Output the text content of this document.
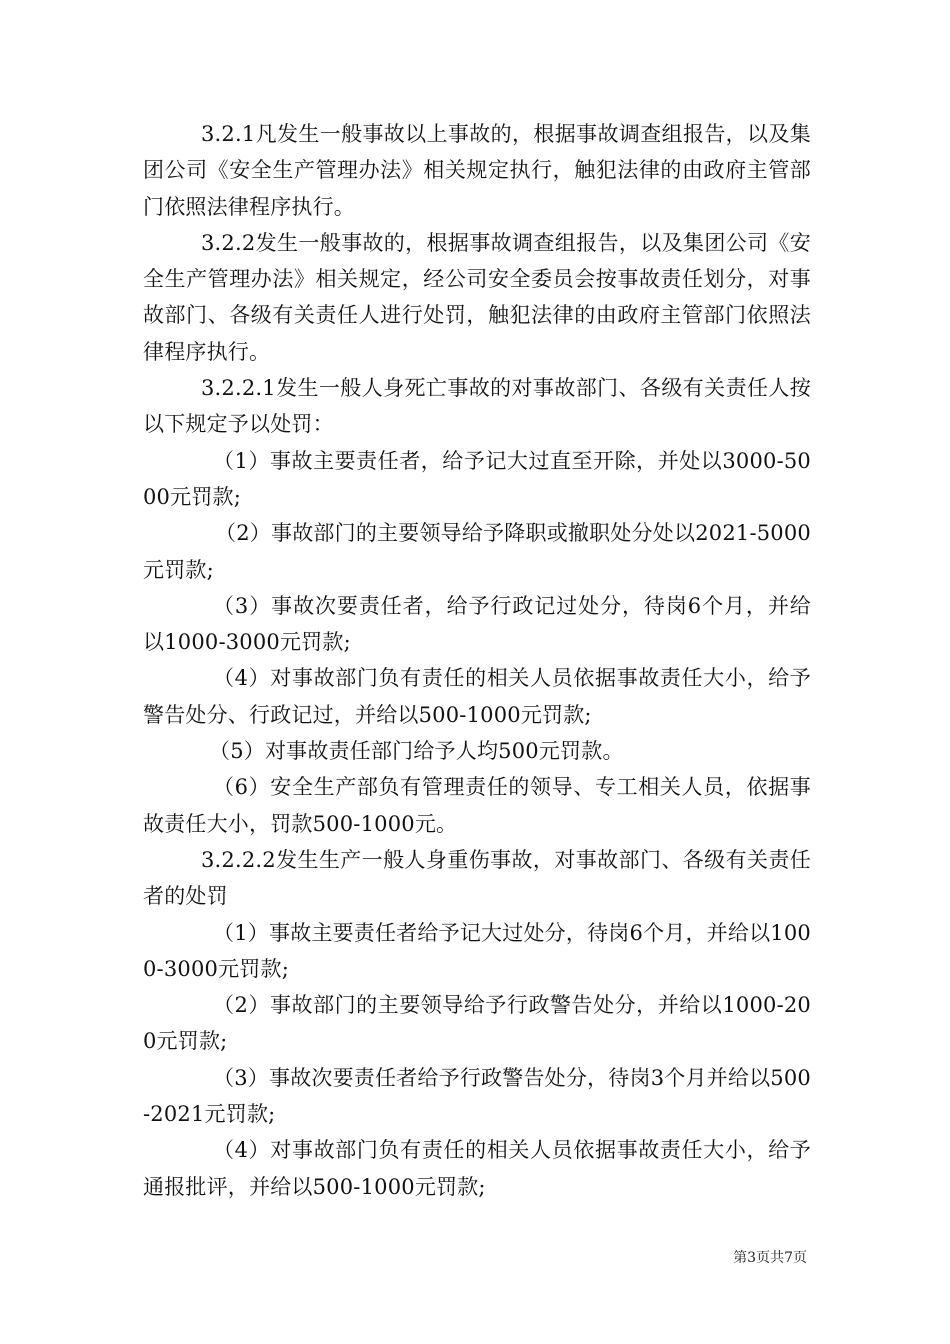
3.2.1凡发生一般事故以上事故的，根据事故调查组报告，以及集团公司《安全生产管理办法》相关规定执行，触犯法律的由政府主管部门依照法律程序执行。

3.2.2发生一般事故的，根据事故调查组报告，以及集团公司《安全生产管理办法》相关规定，经公司安全委员会按事故责任划分，对事故部门、各级有关责任人进行处罚，触犯法律的由政府主管部门依照法律程序执行。

3.2.2.1发生一般人身死亡事故的对事故部门、各级有关责任人按以下规定予以处罚：

（1）事故主要责任者，给予记大过直至开除，并处以3000-5000元罚款;

（2）事故部门的主要领导给予降职或撤职处分处以2021-5000元罚款;

（3）事故次要责任者，给予行政记过处分，待岗6个月，并给以1000-3000元罚款;

（4）对事故部门负有责任的相关人员依据事故责任大小，给予警告处分、行政记过，并给以500-1000元罚款;

（5）对事故责任部门给予人均500元罚款。

（6）安全生产部负有管理责任的领导、专工相关人员，依据事故责任大小，罚款500-1000元。

3.2.2.2发生生产一般人身重伤事故，对事故部门、各级有关责任者的处罚

（1）事故主要责任者给予记大过处分，待岗6个月，并给以1000-3000元罚款;

（2）事故部门的主要领导给予行政警告处分，并给以1000-200元罚款;

（3）事故次要责任者给予行政警告处分，待岗3个月并给以500-2021元罚款;

（4）对事故部门负有责任的相关人员依据事故责任大小，给予通报批评，并给以500-1000元罚款;

第3页共7页
